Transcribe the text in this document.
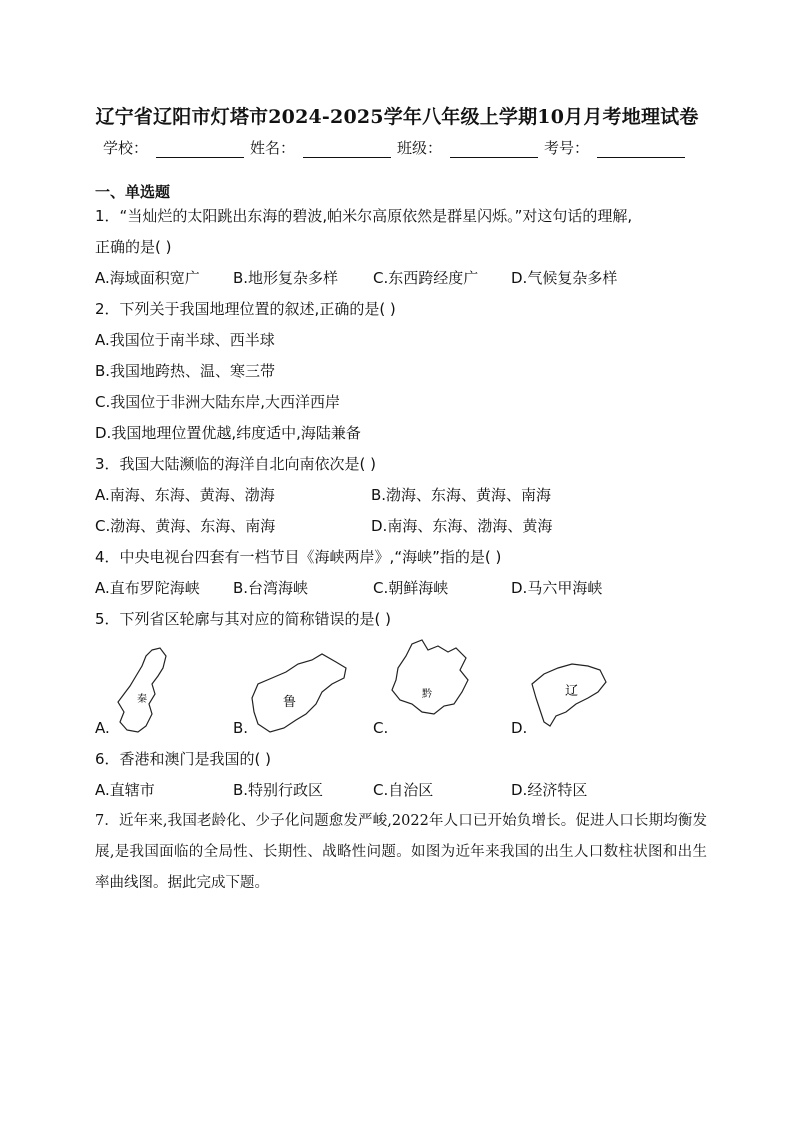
辽宁省辽阳市灯塔市2024-2025学年八年级上学期10月月考地理试卷
学校：	姓名：	班级：	考号：
一、单选题
1．“当灿烂的太阳跳出东海的碧波,帕米尔高原依然是群星闪烁。”对这句话的理解,
正确的是( )
A.海域面积宽广 B.地形复杂多样 C.东西跨经度广 D.气候复杂多样
2．下列关于我国地理位置的叙述,正确的是( )
A.我国位于南半球、西半球
B.我国地跨热、温、寒三带
C.我国位于非洲大陆东岸,大西洋西岸
D.我国地理位置优越,纬度适中,海陆兼备
3．我国大陆濒临的海洋自北向南依次是( )
A.南海、东海、黄海、渤海	B.渤海、东海、黄海、南海
C.渤海、黄海、东海、南海	D.南海、东海、渤海、黄海
4．中央电视台四套有一档节目《海峡两岸》,“海峡”指的是( )
A.直布罗陀海峡 B.台湾海峡	C.朝鲜海峡	D.马六甲海峡
5．下列省区轮廓与其对应的简称错误的是( )
A.	B.	C.	D.
秦	鲁
黔	辽
6．香港和澳门是我国的( )
A.直辖市	B.特别行政区	C.自治区	D.经济特区
7．近年来,我国老龄化、少子化问题愈发严峻,2022年人口已开始负增长。促进人口长期均衡发展,是我国面临的全局性、长期性、战略性问题。如图为近年来我国的出生人口数柱状图和出生率曲线图。据此完成下题。
